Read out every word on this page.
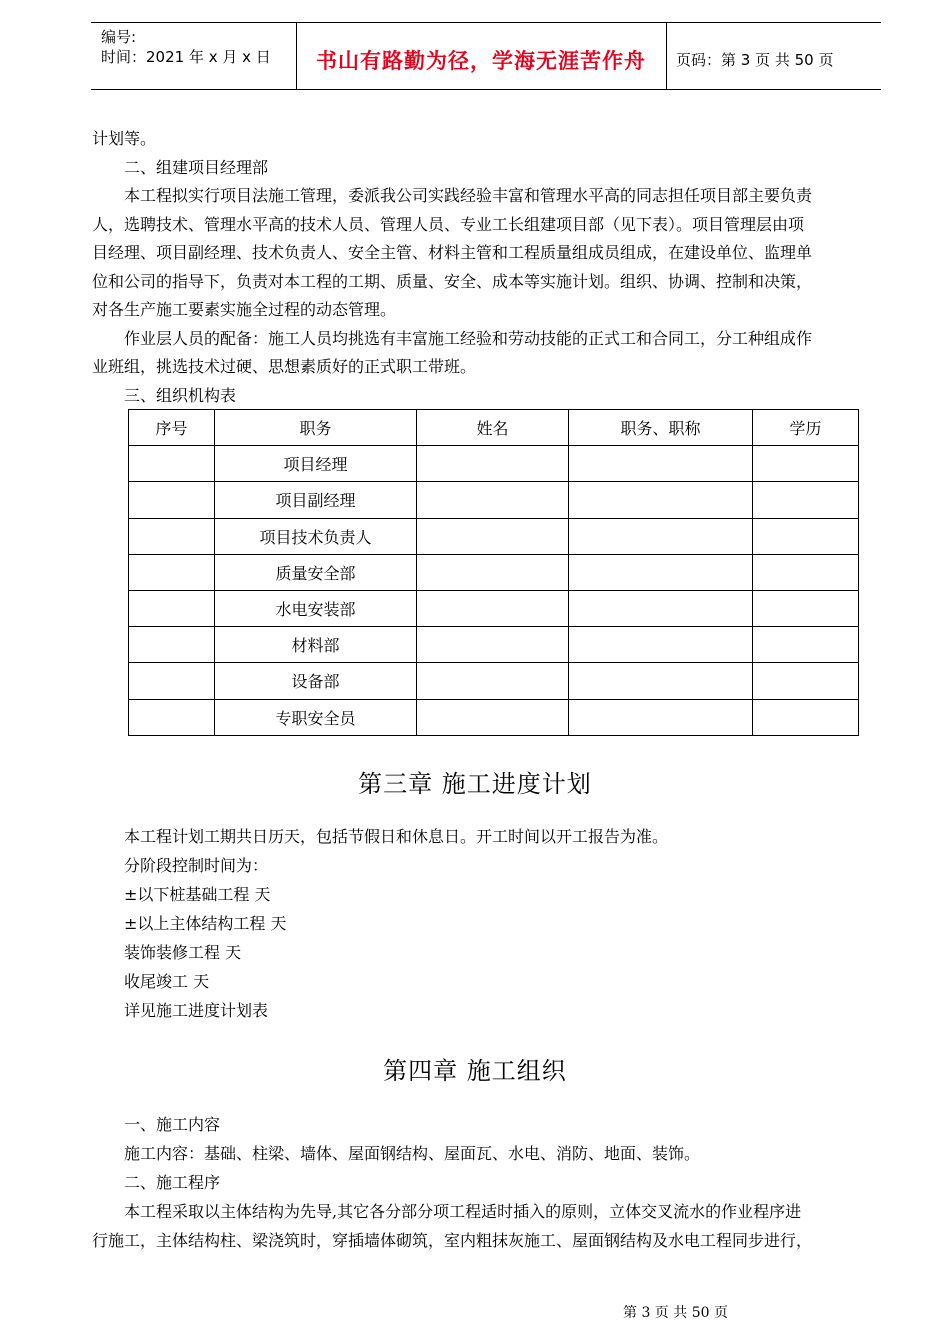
编号:
时间：2021 年 x 月 x 日	书山有路勤为径，学海无涯苦作舟	页码：第 3 页 共 50 页
计划等。
二、组建项目经理部
本工程拟实行项目法施工管理，委派我公司实践经验丰富和管理水平高的同志担任项目部主要负责
人，选聘技术、管理水平高的技术人员、管理人员、专业工长组建项目部（见下表）。项目管理层由项
目经理、项目副经理、技术负责人、安全主管、材料主管和工程质量组成员组成，在建设单位、监理单
位和公司的指导下，负责对本工程的工期、质量、安全、成本等实施计划。组织、协调、控制和决策，
对各生产施工要素实施全过程的动态管理。
作业层人员的配备：施工人员均挑选有丰富施工经验和劳动技能的正式工和合同工，分工种组成作
业班组，挑选技术过硬、思想素质好的正式职工带班。
三、组织机构表
序号	职务	姓名	职务、职称	学历
	项目经理			
	项目副经理			
	项目技术负责人			
	质量安全部			
	水电安装部			
	材料部			
	设备部			
	专职安全员			
第三章 施工进度计划
本工程计划工期共日历天，包括节假日和休息日。开工时间以开工报告为准。
分阶段控制时间为：
±以下桩基础工程 天
±以上主体结构工程 天
装饰装修工程 天
收尾竣工 天
详见施工进度计划表
第四章 施工组织
一、施工内容
施工内容：基础、柱梁、墙体、屋面钢结构、屋面瓦、水电、消防、地面、装饰。
二、施工程序
本工程采取以主体结构为先导,其它各分部分项工程适时插入的原则，立体交叉流水的作业程序进
行施工，主体结构柱、梁浇筑时，穿插墙体砌筑，室内粗抹灰施工、屋面钢结构及水电工程同步进行，
第 3 页 共 50 页
